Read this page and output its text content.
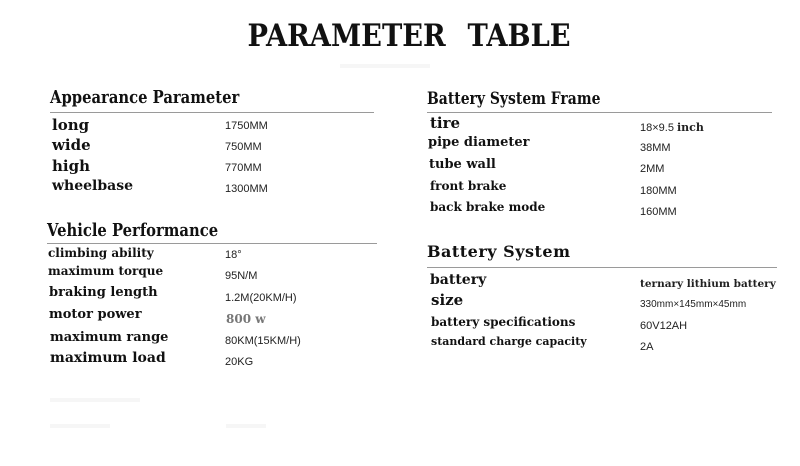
PARAMETER TABLE
Appearance Parameter
long	1750MM
wide	750MM
high	770MM
wheelbase	1300MM
Vehicle Performance
climbing ability	18°
maximum torque	95N/M
braking length	1.2M(20KM/H)
motor power	800 w
maximum range	80KM(15KM/H)
maximum load	20KG
Battery System Frame
tire	18×9.5 inch
pipe diameter	38MM
tube wall	2MM
front brake	180MM
back brake mode	160MM
Battery System
battery	ternary lithium battery
size	330mm×145mm×45mm
battery specifications	60V12AH
standard charge capacity	2A
